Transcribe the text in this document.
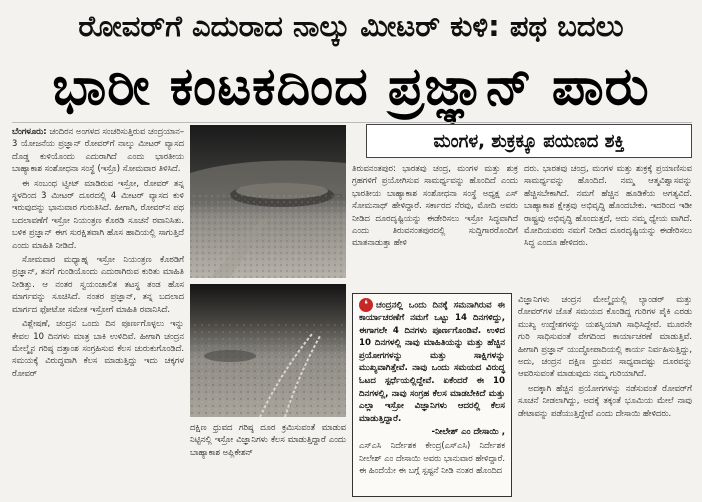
ರೋವರ್‌ಗೆ ಎದುರಾದ ನಾಲ್ಕು ಮೀಟರ್ ಕುಳಿ: ಪಥ ಬದಲು
ಭಾರೀ ಕಂಟಕದಿಂದ ಪ್ರಜ್ಞಾನ್ ಪಾರು

ಬೆಂಗಳೂರು: ಚಂದಿರನ ಅಂಗಳದ ಸಂಚರಿಸುತ್ತಿರುವ ಚಂದ್ರಯಾನ–3 ಯೋಜನೆಯ ಪ್ರಜ್ಞಾನ್ ರೋವರ್‌ಗೆ ನಾಲ್ಕು ಮೀಟರ್ ವ್ಯಾಸದ ದೊಡ್ಡ ಕುಳಿಯೊಂದು ಎದುರಾಗಿದೆ ಎಂದು ಭಾರತೀಯ ಬಾಹ್ಯಾಕಾಶ ಸಂಶೋಧನಾ ಸಂಸ್ಥೆ (ಇಸ್ರೊ) ಸೋಮವಾರ ತಿಳಿಸಿದೆ.

ಈ ಸಂಬಂಧ ಟ್ವೀಟ್ ಮಾಡಿರುವ ಇಸ್ರೋ, ರೋವರ್ ತನ್ನ ಸ್ಥಳದಿಂದ 3 ಮೀಟರ್ ದೂರದಲ್ಲಿ 4 ಮೀಟರ್ ವ್ಯಾಸದ ಕುಳಿ ಇರುವುದನ್ನು ಭಾನುವಾರ ಗುರುತಿಸಿದೆ. ಹೀಗಾಗಿ, ರೋವರ್‌ನ ಪಥ ಬದಲಾವಣೆಗೆ ಇಸ್ರೋ ನಿಯಂತ್ರಣ ಕೊಠಡಿ ಸೂಚನೆ ರವಾನಿಸಿತು. ಬಳಿಕ ಪ್ರಜ್ಞಾನ್ ಈಗ ಸುರಕ್ಷಿತವಾಗಿ ಹೊಸ ಹಾದಿಯಲ್ಲಿ ಸಾಗುತ್ತಿದೆ ಎಂದು ಮಾಹಿತಿ ನೀಡಿದೆ.

ಸೋಮವಾರ ಮಧ್ಯಾಹ್ನ ಇಸ್ರೋ ನಿಯಂತ್ರಣ ಕೊಠಡಿಗೆ ಪ್ರಜ್ಞಾನ್, ತನಗೆ ಗುಂಡಿಯೊಂದು ಎದುರಾಗಿರುವ ಕುರಿತು ಮಾಹಿತಿ ನೀಡಿತ್ತು. ಆ ನಂತರ ಸ್ವಯಂಚಾಲಿತ ತಟಸ್ಥ ತಂಡ ಹೊಸ ಮಾರ್ಗವನ್ನು ಸೂಚಿಸಿದೆ. ನಂತರ ಪ್ರಜ್ಞಾನ್, ತನ್ನ ಬದಲಾದ ಮಾರ್ಗದ ಫೋಟೋ ಸಮೇತ ಇಸ್ರೋಗೆ ಮಾಹಿತಿ ರವಾನಿಸಿದೆ.

ವಿಶ್ಲೇಷಣೆ, ಚಂದ್ರನ ಒಂದು ದಿನ ಪೂರ್ಣಗೊಳ್ಳಲು ಇನ್ನು ಕೇವಲ 10 ದಿನಗಳು ಮಾತ್ರ ಬಾಕಿ ಉಳಿದಿವೆ. ಹೀಗಾಗಿ ಚಂದ್ರನ ಮೇಲ್ಮೈನ ಗರಿಷ್ಠ ದತ್ತಾಂಶ ಸಂಗ್ರಹಿಸುವ ಕೆಲಸ ಚುರುಕುಗೊಂಡಿದೆ. ಸಮಯಕ್ಕೆ ವಿರುದ್ಧವಾಗಿ ಕೆಲಸ ಮಾಡುತ್ತಿದ್ದು ಇದು ಚಕ್ಕಗಳ ರೋವರ್

ದಕ್ಷಿಣ ಧ್ರುವದ ಗರಿಷ್ಠ ದೂರ ಕ್ರಮಿಸುವಂತೆ ಮಾಡುವ ನಿಟ್ಟಿನಲ್ಲಿ ಇಸ್ರೋ ವಿಜ್ಞಾನಿಗಳು ಕೆಲಸ ಮಾಡುತ್ತಿದ್ದಾರೆ ಎಂದು ಬಾಹ್ಯಾಕಾಶ ಅಪ್ಲಿಕೇಶನ್
ಮಂಗಳ, ಶುಕ್ರಕ್ಕೂ ಪಯಣದ ಶಕ್ತಿ
ತಿರುವನಂತಪುರ: ಭಾರತವು ಚಂದ್ರ, ಮಂಗಳ ಮತ್ತು ಶುಕ್ರ ಗ್ರಹಗಳಿಗೆ ಪ್ರಯೋಗಿಸುವ ಸಾಮರ್ಥ್ಯವನ್ನು ಹೊಂದಿದೆ ಎಂದು ಭಾರತೀಯ ಬಾಹ್ಯಾಕಾಶ ಸಂಶೋಧನಾ ಸಂಸ್ಥೆ ಅಧ್ಯಕ್ಷ ಎಸ್ ಸೋಮನಾಥ್ ಹೇಳಿದ್ದಾರೆ. ಸರ್ಕಾರದ ನೆರವು, ಮೋದಿ ಅವರು ನೀಡಿದ ದೂರದೃಷ್ಟಿಯನ್ನು ಈಡೇರಿಸಲು ಇಸ್ರೋ ಸಿದ್ಧವಾಗಿದೆ ಎಂದು ತಿರುವನಂತಪುರದಲ್ಲಿ ಸುದ್ದಿಗಾರರೊಂದಿಗೆ ಮಾತನಾಡುತ್ತಾ ಹೇಳಿ
ದರು. ಭಾರತವು ಚಂದ್ರ, ಮಂಗಳ ಮತ್ತು ಶುಕ್ರಕ್ಕೆ ಪ್ರಯಾಣಿಸುವ ಸಾಮರ್ಥ್ಯವನ್ನು ಹೊಂದಿದೆ. ನಮ್ಮ ಆತ್ಮವಿಶ್ವಾಸವನ್ನು ಹೆಚ್ಚಿಸಬೇಕಾಗಿದೆ. ನಮಗೆ ಹೆಚ್ಚಿನ ಹೂಡಿಕೆಯ ಅಗತ್ಯವಿದೆ. ಬಾಹ್ಯಾಕಾಶ ಕ್ಷೇತ್ರವು ಅಭಿವೃದ್ಧಿ ಹೊಂದಬೇಕು. ಇದರಿಂದ ಇಡೀ ರಾಷ್ಟ್ರವು ಅಭಿವೃದ್ಧಿ ಹೊಂದುತ್ತದೆ, ಅದು ನಮ್ಮ ಧ್ಯೇಯ ವಾಗಿದೆ. ಮೋದಿಯವರು ನಮಗೆ ನೀಡಿದ ದೂರದೃಷ್ಟಿಯನ್ನು ಈಡೇರಿಸಲು ಸಿದ್ಧ ಎಂದೂ ಹೇಳಿದರು.
❛ ಚಂದ್ರನಲ್ಲಿ ಒಂದು ದಿನಕ್ಕೆ ಸಮನಾಗಿರುವ ಈ ಕಾರ್ಯಾಚರಣೆಗೆ ನಮಗೆ ಒಟ್ಟು 14 ದಿನಗಳಿದ್ದು, ಈಗಾಗಲೇ 4 ದಿನಗಳು ಪೂರ್ಣಗೊಂಡಿವೆ. ಉಳಿದ 10 ದಿನಗಳಲ್ಲಿ ನಾವು ಮಾಹಿತಿಯನ್ನು ಮತ್ತು ಹೆಚ್ಚಿನ ಪ್ರಯೋಗಗಳನ್ನು ಮತ್ತು ಸಾಕ್ಷಿಗಳನ್ನು ಮುಖ್ಯವಾಗಿತ್ತೇವೆ. ನಾವು ಒಂದು ಸಮಯದ ವಿರುದ್ಧ ಓಟದ ಸ್ಪರ್ಧೆಯಲ್ಲಿದ್ದೇವೆ. ಏಕೆಂದರೆ ಈ 10 ದಿನಗಳಲ್ಲಿ, ನಾವು ಸಂಗ್ರಹ ಕೆಲಸ ಮಾಡಬೇಕಿದೆ ಮತ್ತು ಎಲ್ಲಾ ಇಸ್ರೋ ವಿಜ್ಞಾನಿಗಳು ಆದರಲ್ಲಿ ಕೆಲಸ ಮಾಡುತ್ತಿದ್ದಾರೆ.
-ನೀಲೇಶ್ ಎಂ ದೇಸಾಯಿ ,
ಎಸ್‌ಎಸಿ ನಿರ್ದೇಶಕ ಕೇಂದ್ರ(ಎಸ್‌ಎಸಿ) ನಿರ್ದೇಶಕ ನೀಲೇಶ್ ಎಂ ದೇಸಾಯಿ ಅವರು ಭಾನುವಾರ ಹೇಳಿದ್ದಾರೆ. ಈ ಹಿಂದೆಯೇ ಈ ಬಗ್ಗೆ ಸ್ಪಷ್ಟನೆ ನೀಡಿ ನಂತರ ಹೊಂದಿದ

ವಿಜ್ಞಾನಿಗಳು ಚಂದ್ರನ ಮೇಲ್ಮೈಯಲ್ಲಿ ಲ್ಯಾಂಡರ್ ಮತ್ತು ರೋವರ್‌ಗಳ ಜೊತೆ ಸಮಯದ ಕೊಂಡಿದ್ದ ಗುರಿಗಳ ಪೈಕಿ ಎರಡು ಮುಖ್ಯ ಉದ್ದೇಶಗಳನ್ನು ಯಶಸ್ವಿಯಾಗಿ ಸಾಧಿಸಿದ್ದೇವೆ. ಮೂರನೇ ಗುರಿ ಸಾಧಿಸುವಂತೆ ವೇಗದಿಂದ ಕಾರ್ಯಾಚರಣೆ ಮಾಡುತ್ತಿವೆ. ಹೀಗಾಗಿ ಪ್ರಜ್ಞಾನ್ ಯುದ್ಧೋಪಾದಿಯಲ್ಲಿ ಕಾರ್ಯ ನಿರ್ವಹಿಸುತ್ತಿದ್ದು, ಅದು, ಚಂದ್ರನ ದಕ್ಷಿಣ ಧ್ರುವದ ಸಾಧ್ಯವಾದಷ್ಟು ದೂರವನ್ನು ಆವರಿಸುವಂತೆ ಮಾಡುವುದು ನಮ್ಮ ಗುರಿಯಾಗಿದೆ.

ಅದಕ್ಕಾಗಿ ಹೆಚ್ಚಿನ ಪ್ರಯೋಗಗಳನ್ನು ನಡೆಸುವಂತೆ ರೋವರ್‌ಗೆ ಸೂಚನೆ ನೀಡಲಾಗಿದ್ದು, ಅದಕ್ಕೆ ತಕ್ಕಂತೆ ಭೂಮಿಯ ಮೇಲೆ ನಾವು ಡೇಟಾವನ್ನು ಪಡೆಯುತ್ತಿದ್ದೇವೆ ಎಂದು ದೇಸಾಯಿ ಹೇಳಿದರು.
